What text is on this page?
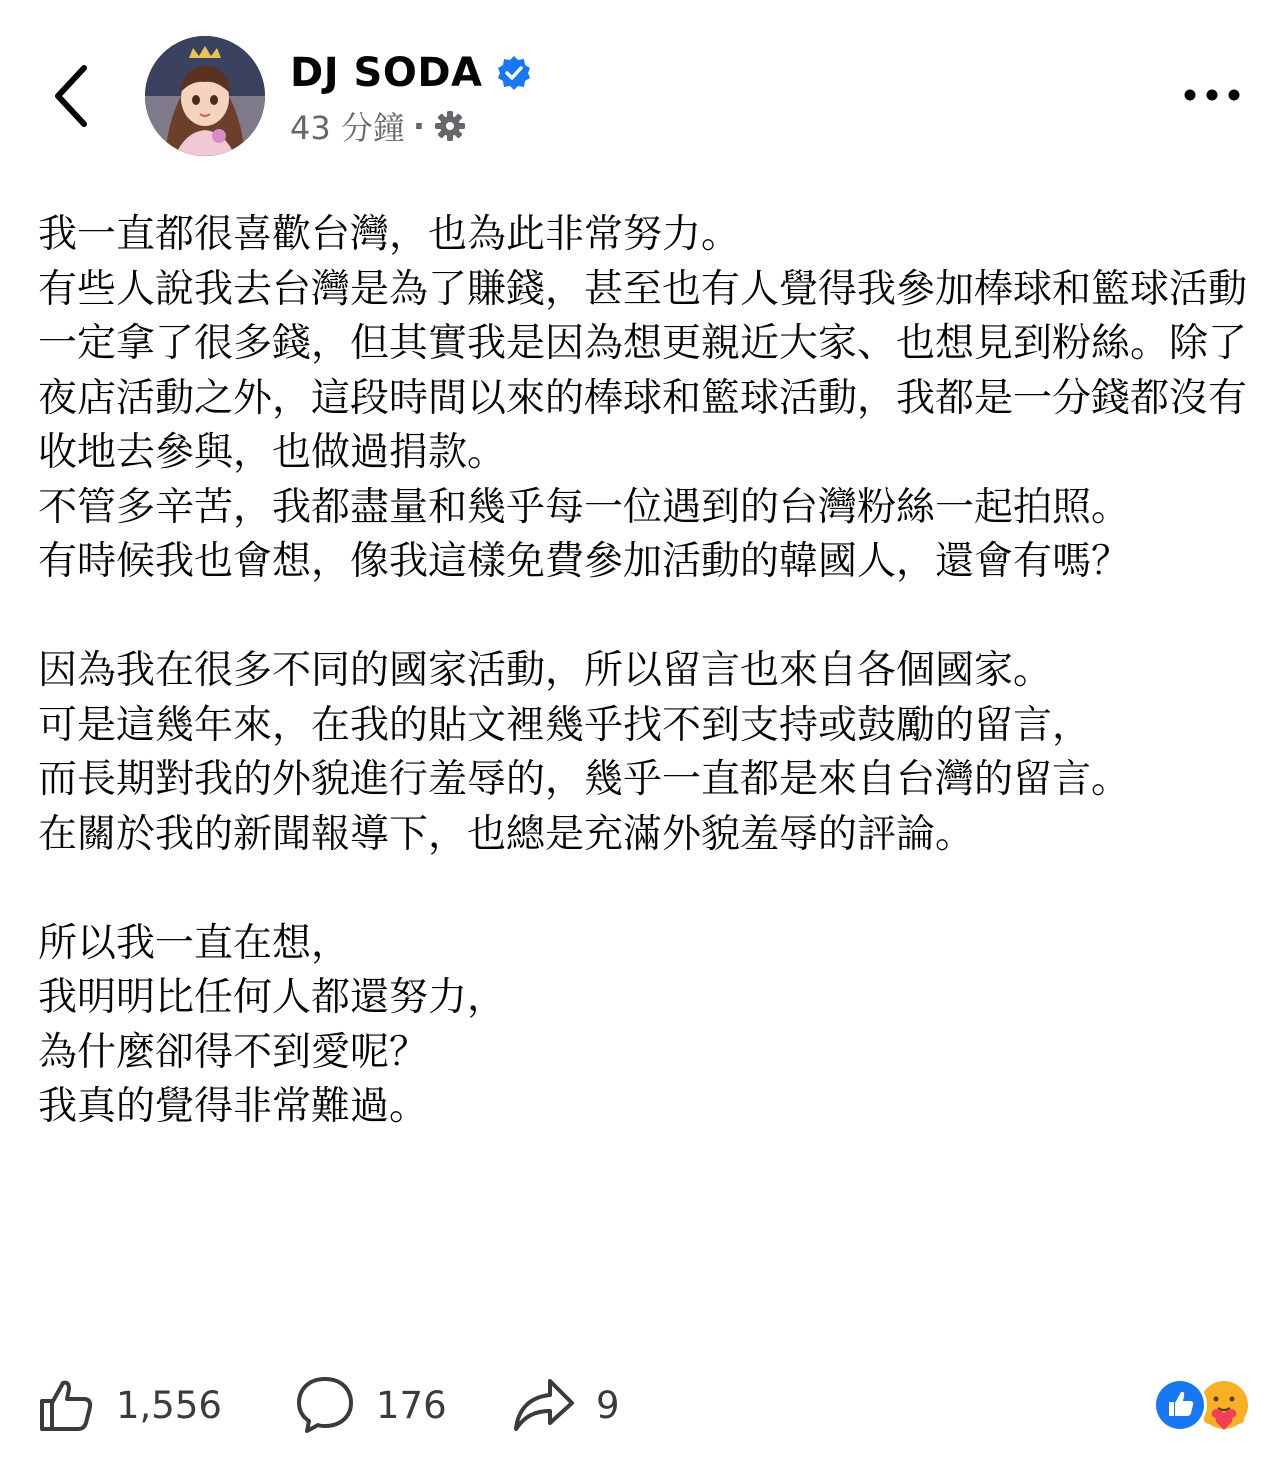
DJ SODA
43 分鐘 ·

我一直都很喜歡台灣，也為此非常努力。

有些人說我去台灣是為了賺錢，甚至也有人覺得我參加棒球和籃球活動一定拿了很多錢，但其實我是因為想更親近大家、也想見到粉絲。除了夜店活動之外，這段時間以來的棒球和籃球活動，我都是一分錢都沒有收地去參與，也做過捐款。

不管多辛苦，我都盡量和幾乎每一位遇到的台灣粉絲一起拍照。

有時候我也會想，像我這樣免費參加活動的韓國人，還會有嗎？

因為我在很多不同的國家活動，所以留言也來自各個國家。

可是這幾年來，在我的貼文裡幾乎找不到支持或鼓勵的留言，

而長期對我的外貌進行羞辱的，幾乎一直都是來自台灣的留言。

在關於我的新聞報導下，也總是充滿外貌羞辱的評論。

所以我一直在想，

我明明比任何人都還努力，

為什麼卻得不到愛呢？

我真的覺得非常難過。

1,556	176	9
